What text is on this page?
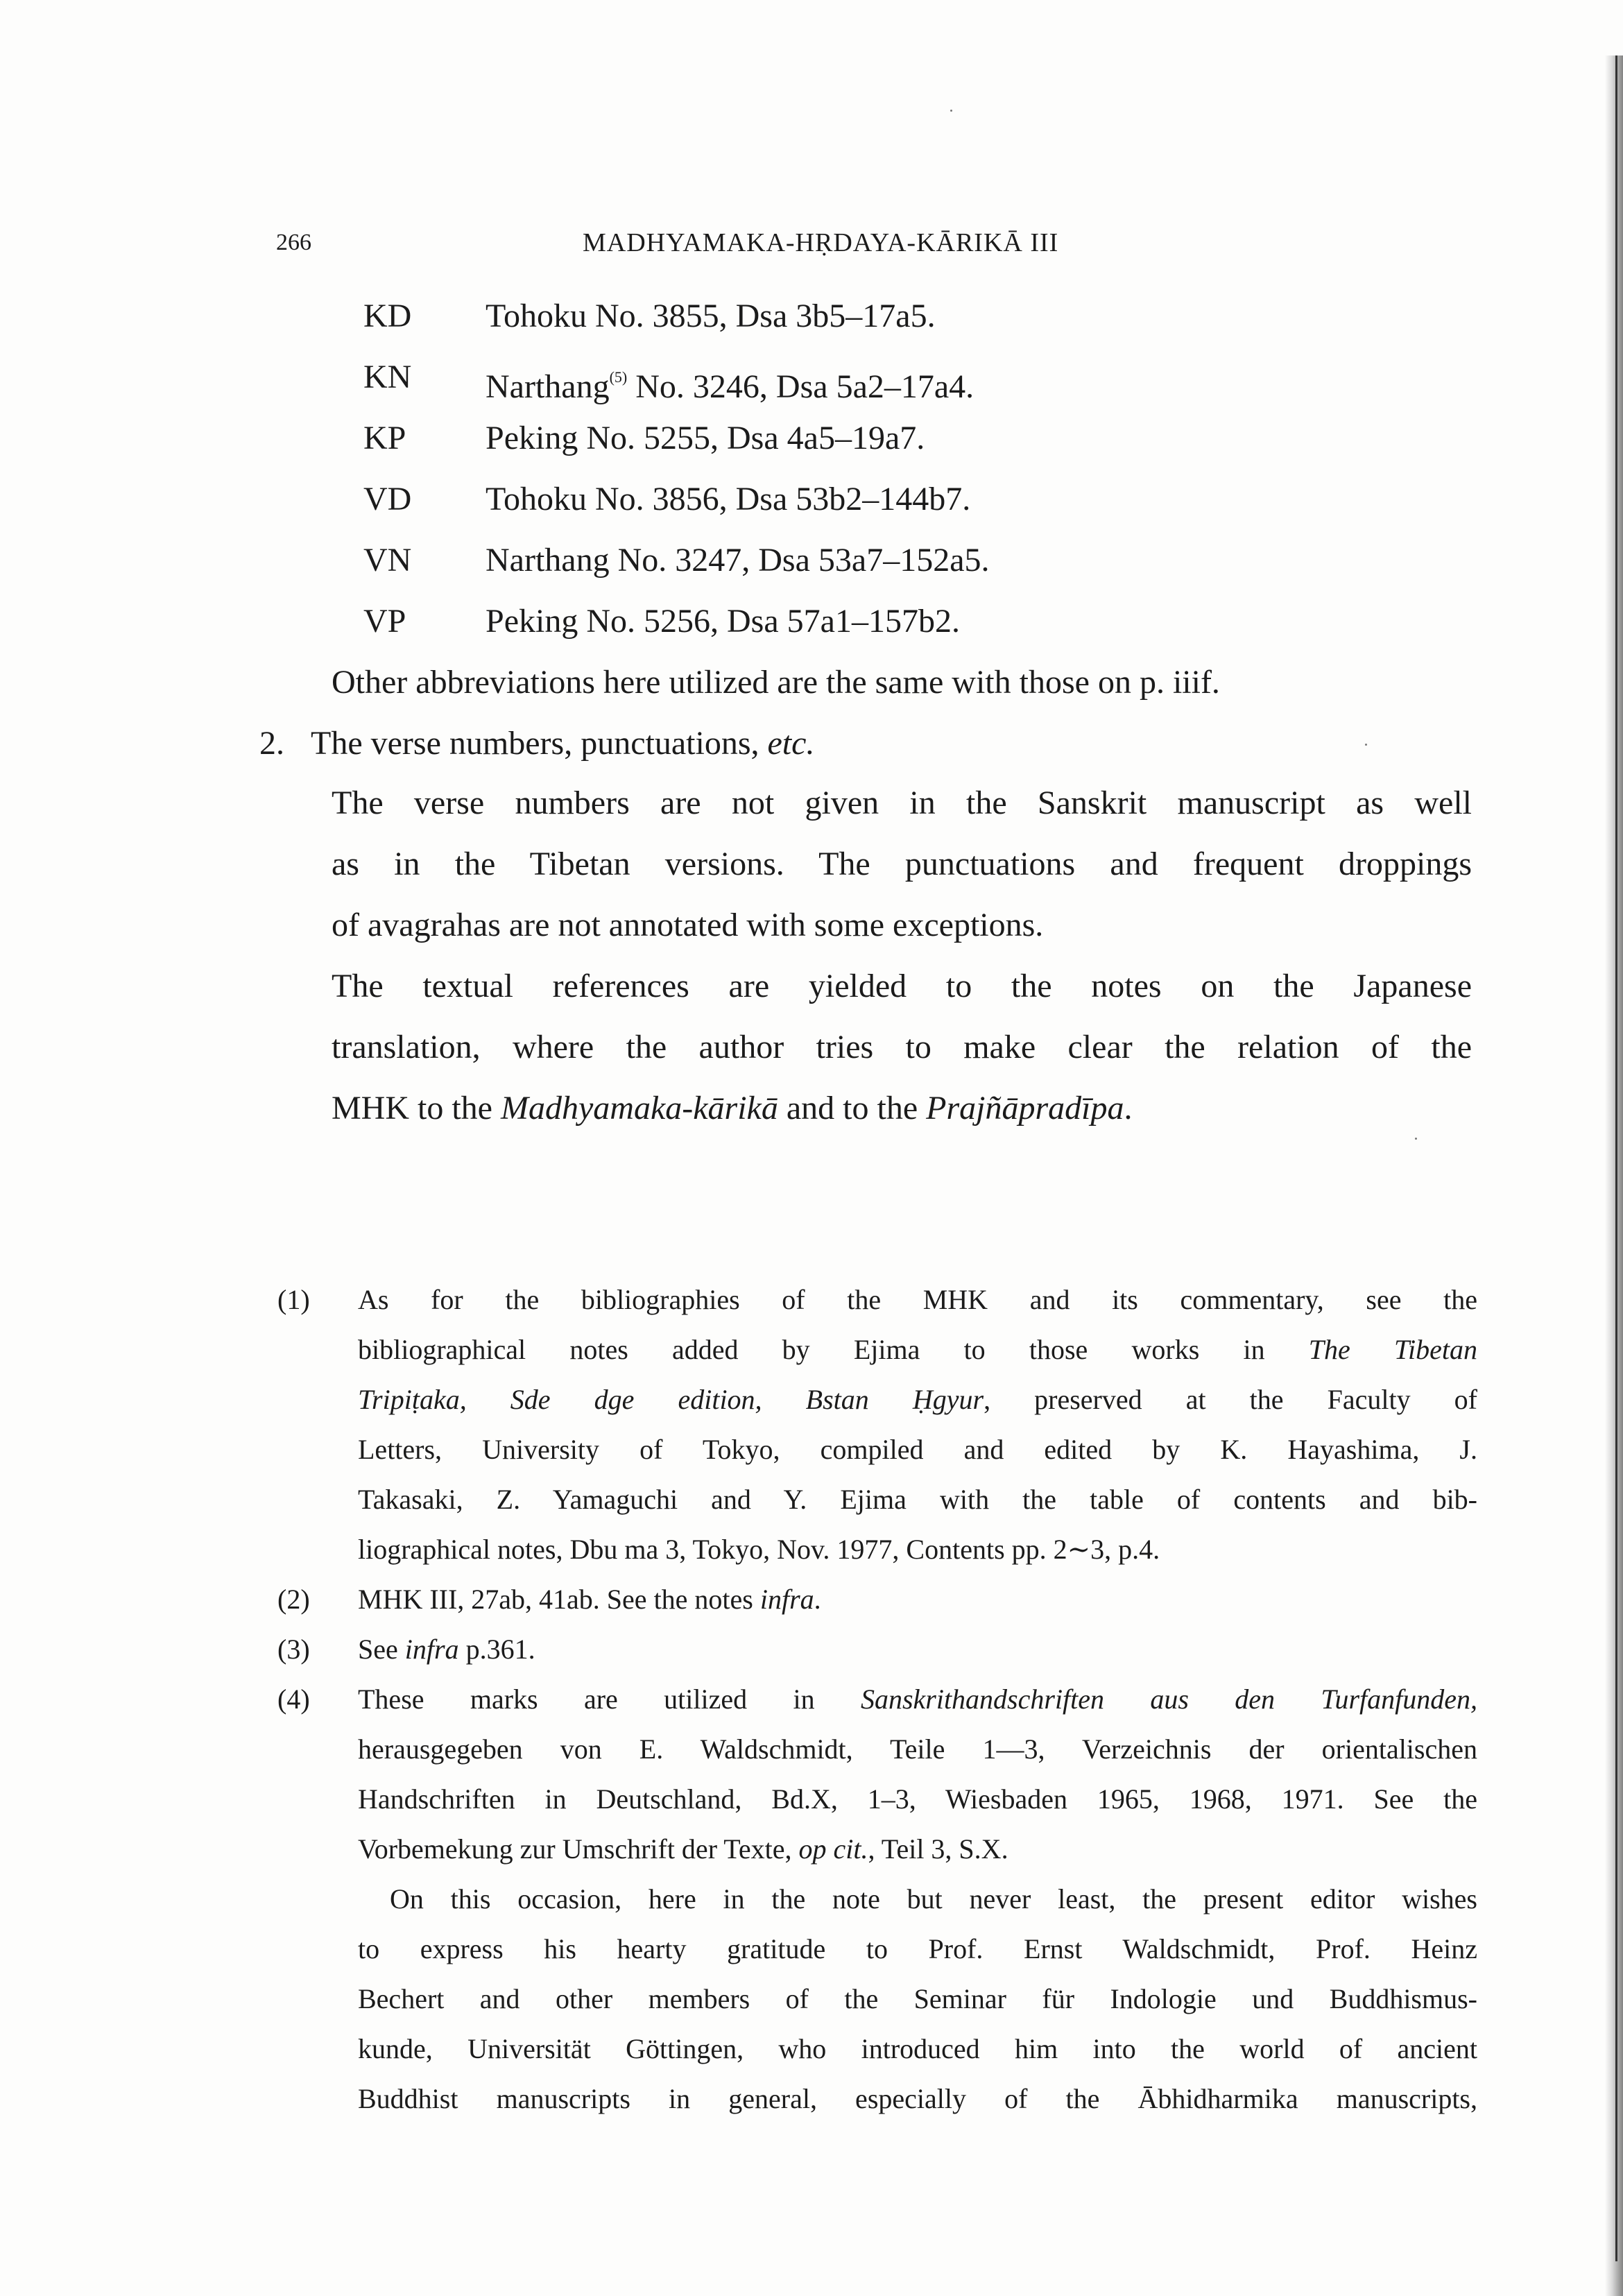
266	MADHYAMAKA-HṚDAYA-KĀRIKĀ III
KD Tohoku No. 3855, Dsa 3b5–17a5.
KN Narthang$^{(5)}$ No. 3246, Dsa 5a2–17a4.
KP Peking No. 5255, Dsa 4a5–19a7.
VD Tohoku No. 3856, Dsa 53b2–144b7.
VN Narthang No. 3247, Dsa 53a7–152a5.
VP Peking No. 5256, Dsa 57a1–157b2.
Other abbreviations here utilized are the same with those on p. iiif.
2. The verse numbers, punctuations, etc.
The verse numbers are not given in the Sanskrit manuscript as well
as in the Tibetan versions. The punctuations and frequent droppings
of avagrahas are not annotated with some exceptions.
The textual references are yielded to the notes on the Japanese
translation, where the author tries to make clear the relation of the
MHK to the Madhyamaka-kārikā and to the Prajñāpradīpa.
(1) As for the bibliographies of the MHK and its commentary, see the
bibliographical notes added by Ejima to those works in The Tibetan
Tripiṭaka, Sde dge edition, Bstan Ḥgyur, preserved at the Faculty of
Letters, University of Tokyo, compiled and edited by K. Hayashima, J.
Takasaki, Z. Yamaguchi and Y. Ejima with the table of contents and bib-
liographical notes, Dbu ma 3, Tokyo, Nov. 1977, Contents pp. 2∼3, p.4.
(2) MHK III, 27ab, 41ab. See the notes infra.
(3) See infra p.361.
(4) These marks are utilized in Sanskrithandschriften aus den Turfanfunden,
herausgegeben von E. Waldschmidt, Teile 1—3, Verzeichnis der orientalischen
Handschriften in Deutschland, Bd.X, 1–3, Wiesbaden 1965, 1968, 1971. See the
Vorbemekung zur Umschrift der Texte, op cit., Teil 3, S.X.
On this occasion, here in the note but never least, the present editor wishes
to express his hearty gratitude to Prof. Ernst Waldschmidt, Prof. Heinz
Bechert and other members of the Seminar für Indologie und Buddhismus-
kunde, Universität Göttingen, who introduced him into the world of ancient
Buddhist manuscripts in general, especially of the Ābhidharmika manuscripts,
